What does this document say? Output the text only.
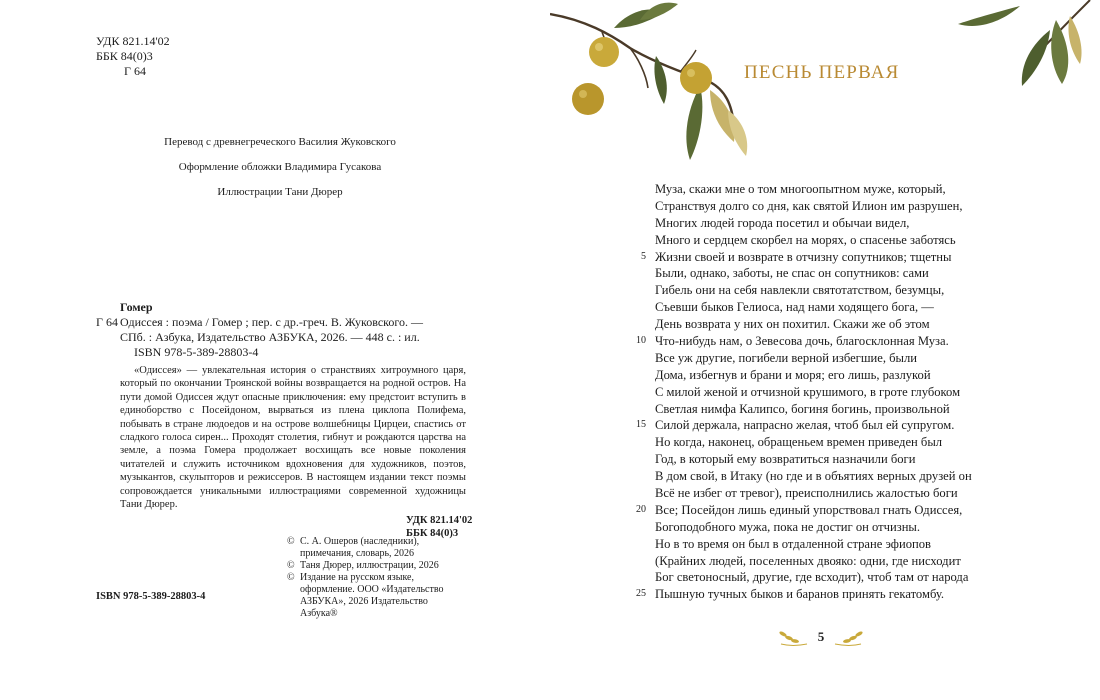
УДК 821.14'02
ББК 84(0)3
Г 64
Перевод с древнегреческого Василия Жуковского
Оформление обложки Владимира Гусакова
Иллюстрации Тани Дюрер
Гомер
Г 64 Одиссея : поэма / Гомер ; пер. с др.-греч. В. Жуковского. —
СПб. : Азбука, Издательство АЗБУКА, 2026. — 448 с. : ил.
ISBN 978-5-389-28803-4

«Одиссея» — увлекательная история о странствиях хитроумного царя, который по окончании Троянской войны возвращается на родной остров. На пути домой Одиссея ждут опасные приключения: ему предстоит вступить в единоборство с Посейдоном, вырваться из плена циклопа Полифема, побывать в стране людоедов и на острове волшебницы Цирцеи, спастись от сладкого голоса сирен... Проходят столетия, гибнут и рождаются царства на земле, а поэма Гомера продолжает восхищать все новые поколения читателей и служить источником вдохновения для художников, поэтов, музыкантов, скульпторов и режиссеров. В настоящем издании текст поэмы сопровождается уникальными иллюстрациями современной художницы Тани Дюрер.

УДК 821.14'02
ББК 84(0)3
© С. А. Ошеров (наследники), примечания, словарь, 2026
© Таня Дюрер, иллюстрации, 2026
© Издание на русском языке, оформление. ООО «Издательство АЗБУКА», 2026 Издательство Азбука®
ISBN 978-5-389-28803-4
ПЕСНЬ ПЕРВАЯ
Муза, скажи мне о том многоопытном муже, который,
Странствуя долго со дня, как святой Илион им разрушен,
Многих людей города посетил и обычаи видел,
Много и сердцем скорбел на морях, о спасенье заботясь
5 Жизни своей и возврате в отчизну сопутников; тщетны
Были, однако, заботы, не спас он сопутников: сами
Гибель они на себя навлекли святотатством, безумцы,
Съевши быков Гелиоса, над нами ходящего бога, —
День возврата у них он похитил. Скажи же об этом
10 Что-нибудь нам, о Зевесова дочь, благосклонная Муза.
Все уж другие, погибели верной избегшие, были
Дома, избегнув и брани и моря; его лишь, разлукой
С милой женой и отчизной крушимого, в гроте глубоком
Светлая нимфа Калипсо, богиня богинь, произвольной
15 Силой держала, напрасно желая, чтоб был ей супругом.
Но когда, наконец, обращеньем времен приведен был
Год, в который ему возвратиться назначили боги
В дом свой, в Итаку (но где и в объятиях верных друзей он
Всё не избег от тревог), преисполнились жалостью боги
20 Все; Посейдон лишь единый упорствовал гнать Одиссея,
Богоподобного мужа, пока не достиг он отчизны.
Но в то время он был в отдаленной стране эфиопов
(Крайних людей, поселенных двояко: одни, где нисходит
Бог светоносный, другие, где всходит), чтоб там от народа
25 Пышную тучных быков и баранов принять гекатомбу.
5
